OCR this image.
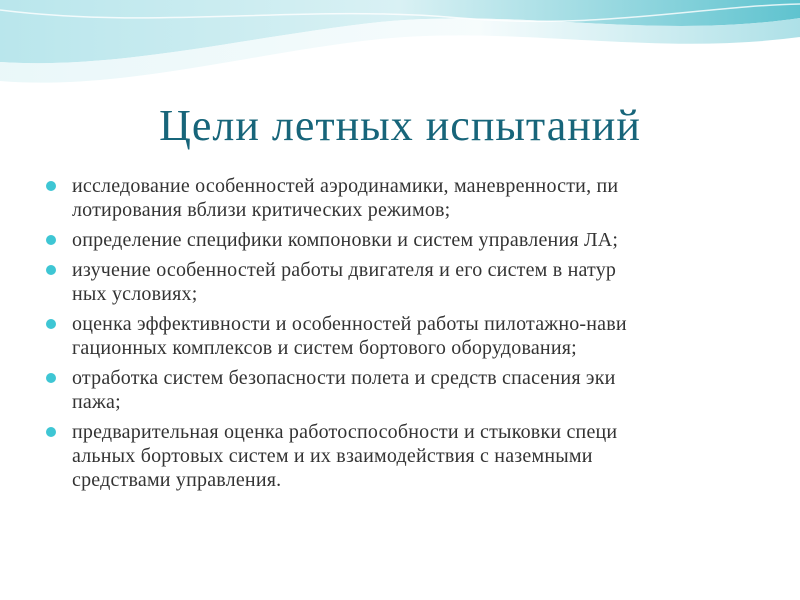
Цели летных испытаний
исследование особенностей аэродинамики, маневренности, пи
лотирования вблизи критических режимов;
определение специфики компоновки и систем управления ЛА;
изучение особенностей работы двигателя и его систем в натур
ных условиях;
оценка эффективности и особенностей работы пилотажно-нави
гационных комплексов и систем бортового оборудования;
отработка систем безопасности полета и средств спасения эки
пажа;
предварительная оценка работоспособности и стыковки специ
альных бортовых систем и их взаимодействия с наземными
средствами управления.
